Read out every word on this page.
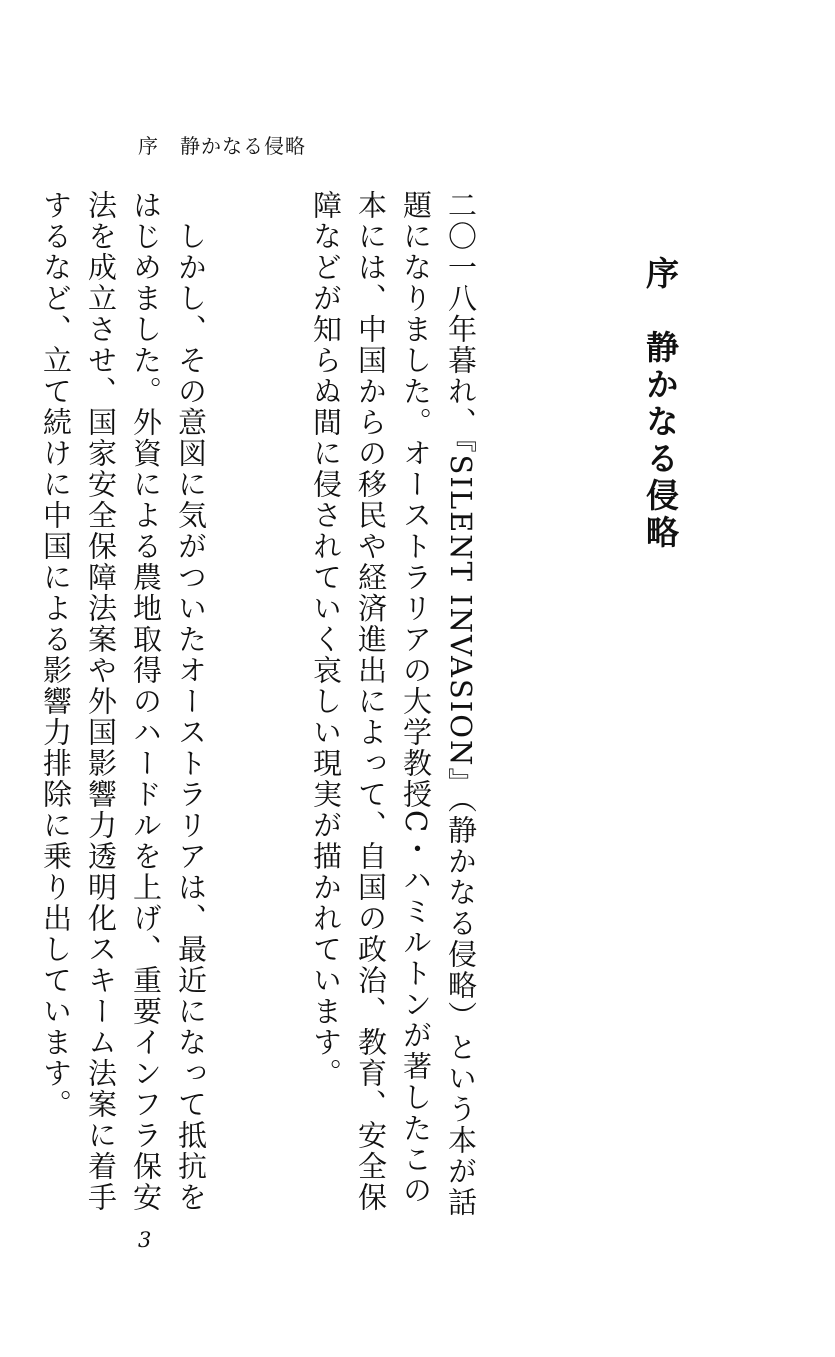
序　静かなる侵略
序　静かなる侵略

二〇一八年暮れ、『SILENT INVASION』（静かなる侵略）という本が話題になりました。オーストラリアの大学教授C・ハミルトンが著したこの本には、中国からの移民や経済進出によって、自国の政治、教育、安全保障などが知らぬ間に侵されていく哀しい現実が描かれています。

　しかし、その意図に気がついたオーストラリアは、最近になって抵抗をはじめました。外資による農地取得のハードルを上げ、重要インフラ保安法を成立させ、国家安全保障法案や外国影響力透明化スキーム法案に着手するなど、立て続けに中国による影響力排除に乗り出しています。

3
